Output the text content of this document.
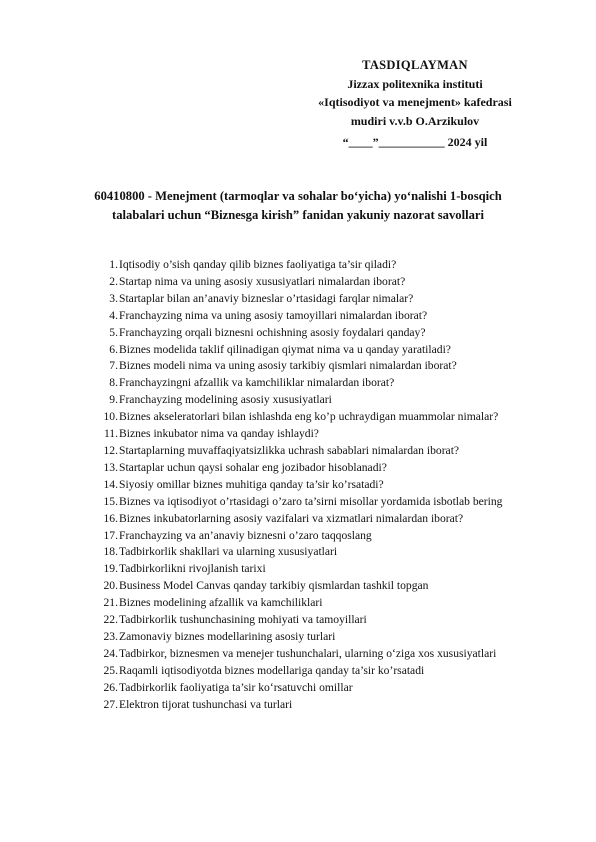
TASDIQLAYMAN
Jizzax politexnika instituti
«Iqtisodiyot va menejment» kafedrasi
mudiri v.v.b O.Arzikulov
“____”___________ 2024 yil
60410800 - Menejment (tarmoqlar va sohalar bo‘yicha) yo‘nalishi 1-bosqich
talabalari uchun “Biznesga kirish” fanidan yakuniy nazorat savollari
1. Iqtisodiy o’sish qanday qilib biznes faoliyatiga ta’sir qiladi?
2. Startap nima va uning asosiy xususiyatlari nimalardan iborat?
3. Startaplar bilan an’anaviy bizneslar o’rtasidagi farqlar nimalar?
4. Franchayzing nima va uning asosiy tamoyillari nimalardan iborat?
5. Franchayzing orqali biznesni ochishning asosiy foydalari qanday?
6. Biznes modelida taklif qilinadigan qiymat nima va u qanday yaratiladi?
7. Biznes modeli nima va uning asosiy tarkibiy qismlari nimalardan iborat?
8. Franchayzingni afzallik va kamchiliklar nimalardan iborat?
9. Franchayzing modelining asosiy xususiyatlari
10. Biznes akseleratorlari bilan ishlashda eng ko’p uchraydigan muammolar nimalar?
11. Biznes inkubator nima va qanday ishlaydi?
12. Startaplarning muvaffaqiyatsizlikka uchrash sabablari nimalardan iborat?
13. Startaplar uchun qaysi sohalar eng jozibador hisoblanadi?
14. Siyosiy omillar biznes muhitiga qanday ta’sir ko’rsatadi?
15. Biznes va iqtisodiyot o’rtasidagi o’zaro ta’sirni misollar yordamida isbotlab bering
16. Biznes inkubatorlarning asosiy vazifalari va xizmatlari nimalardan iborat?
17. Franchayzing va an’anaviy biznesni o’zaro taqqoslang
18. Tadbirkorlik shakllari va ularning xususiyatlari
19. Tadbirkorlikni rivojlanish tarixi
20. Business Model Canvas qanday tarkibiy qismlardan tashkil topgan
21. Biznes modelining afzallik va kamchiliklari
22. Tadbirkorlik tushunchasining mohiyati va tamoyillari
23. Zamonaviy biznes modellarining asosiy turlari
24. Tadbirkor, biznesmen va menejer tushunchalari, ularning o‘ziga xos xususiyatlari
25. Raqamli iqtisodiyotda biznes modellariga qanday ta’sir ko’rsatadi
26. Tadbirkorlik faoliyatiga ta’sir ko‘rsatuvchi omillar
27. Elektron tijorat tushunchasi va turlari
